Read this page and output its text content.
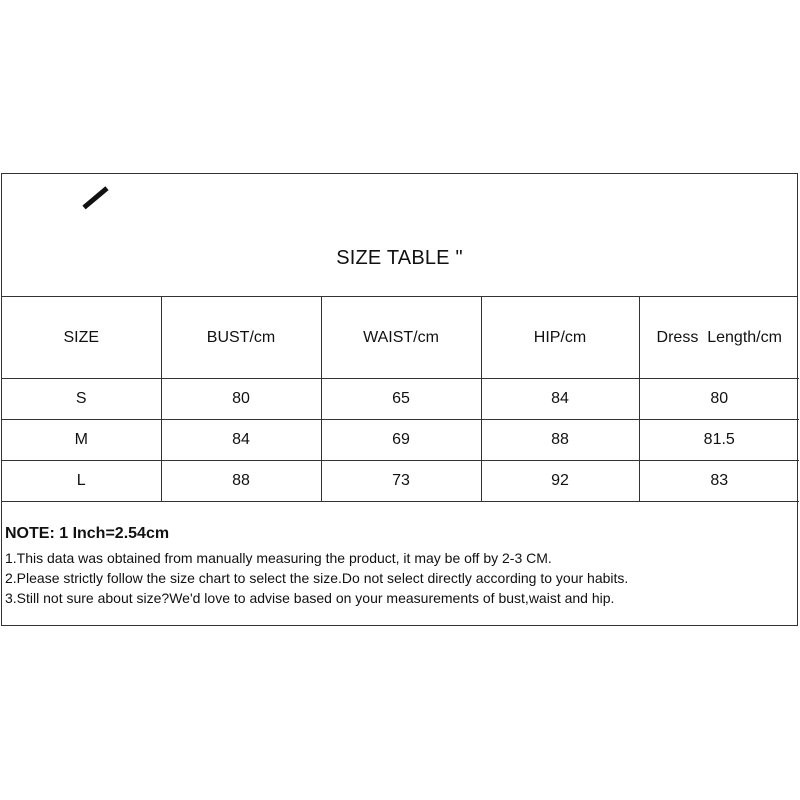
SIZE TABLE "
SIZE	BUST/cm	WAIST/cm	HIP/cm	Dress  Length/cm
S	80	65	84	80
M	84	69	88	81.5
L	88	73	92	83

NOTE: 1 Inch=2.54cm

1.This data was obtained from manually measuring the product, it may be off by 2-3 CM.

2.Please strictly follow the size chart to select the size.Do not select directly according to your habits.

3.Still not sure about size?We'd love to advise based on your measurements of bust,waist and hip.
